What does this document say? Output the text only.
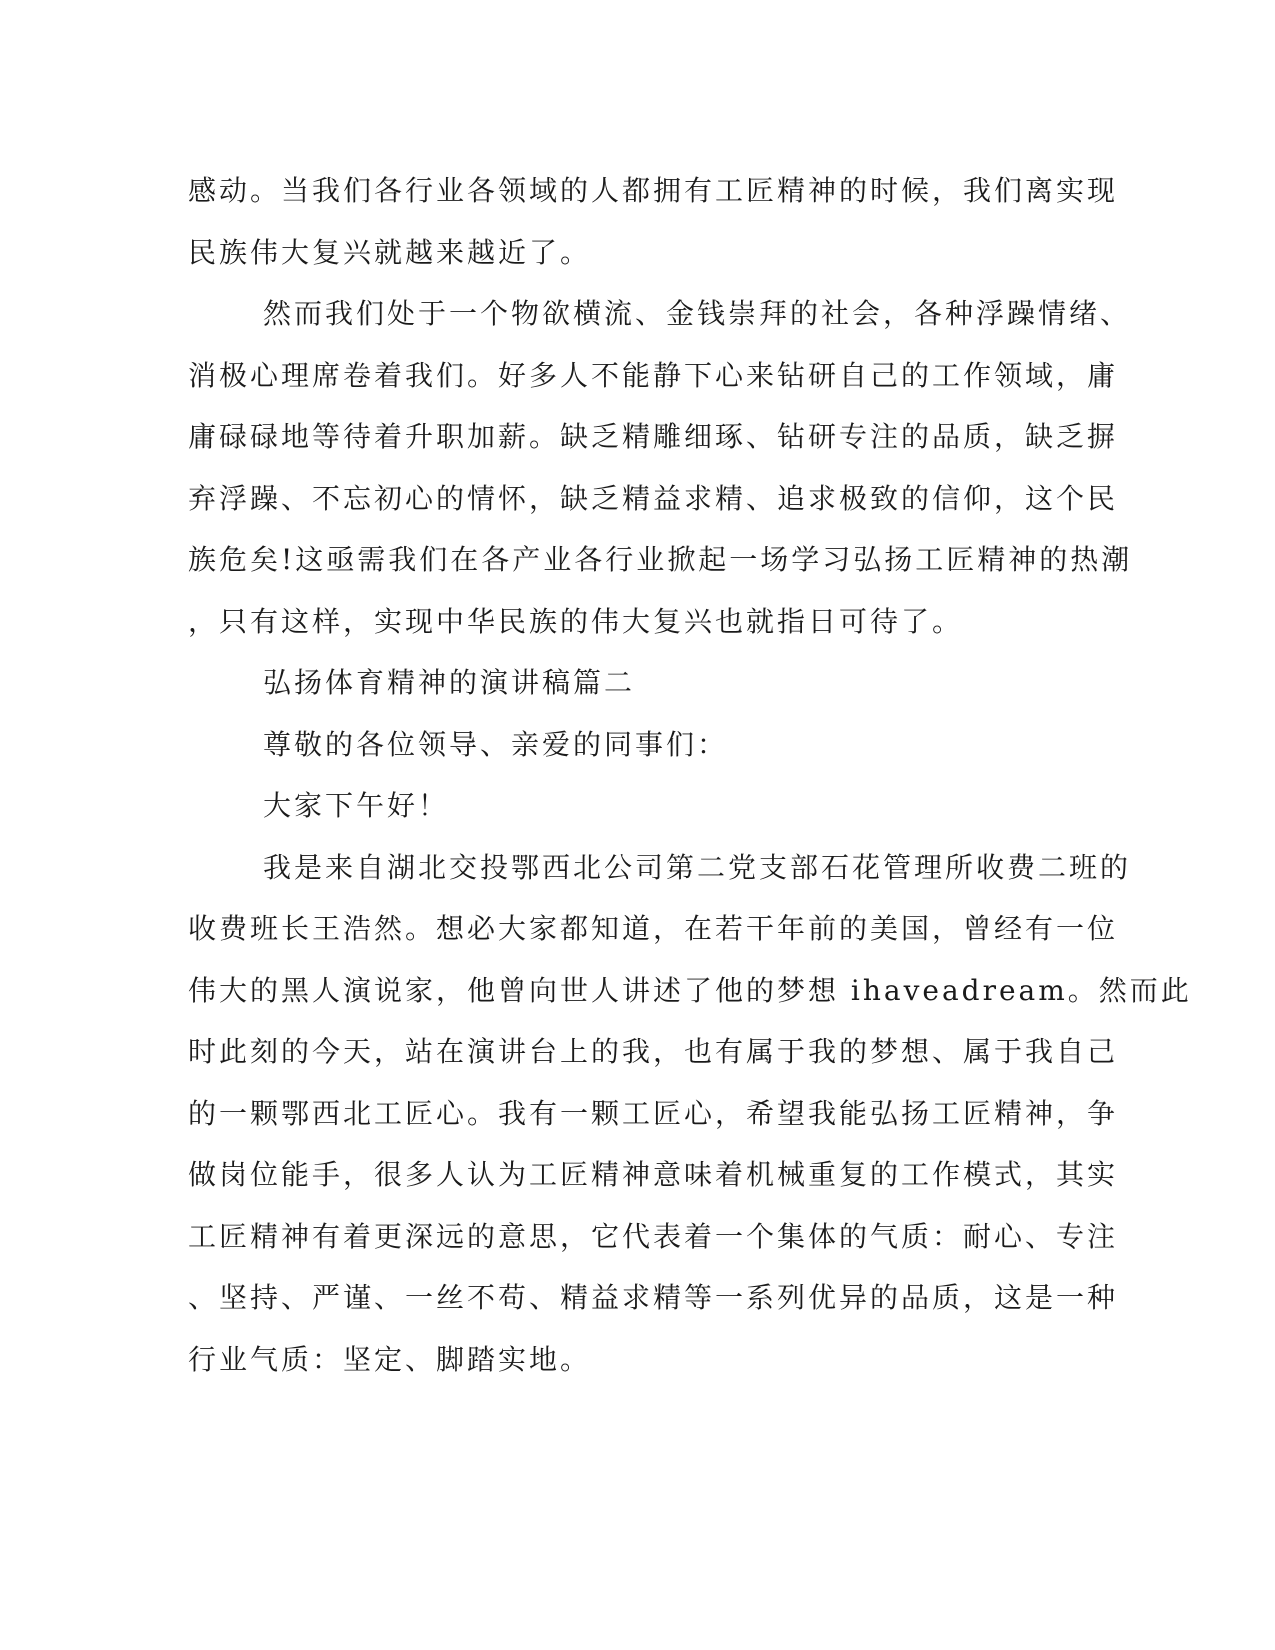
感动。当我们各行业各领域的人都拥有工匠精神的时候，我们离实现

民族伟大复兴就越来越近了。

然而我们处于一个物欲横流、金钱崇拜的社会，各种浮躁情绪、

消极心理席卷着我们。好多人不能静下心来钻研自己的工作领域，庸

庸碌碌地等待着升职加薪。缺乏精雕细琢、钻研专注的品质，缺乏摒

弃浮躁、不忘初心的情怀，缺乏精益求精、追求极致的信仰，这个民

族危矣!这亟需我们在各产业各行业掀起一场学习弘扬工匠精神的热潮

，只有这样，实现中华民族的伟大复兴也就指日可待了。

弘扬体育精神的演讲稿篇二

尊敬的各位领导、亲爱的同事们：

大家下午好！

我是来自湖北交投鄂西北公司第二党支部石花管理所收费二班的

收费班长王浩然。想必大家都知道，在若干年前的美国，曾经有一位

伟大的黑人演说家，他曾向世人讲述了他的梦想 ihaveadream。然而此

时此刻的今天，站在演讲台上的我，也有属于我的梦想、属于我自己

的一颗鄂西北工匠心。我有一颗工匠心，希望我能弘扬工匠精神，争

做岗位能手，很多人认为工匠精神意味着机械重复的工作模式，其实

工匠精神有着更深远的意思，它代表着一个集体的气质：耐心、专注

、坚持、严谨、一丝不苟、精益求精等一系列优异的品质，这是一种

行业气质：坚定、脚踏实地。
